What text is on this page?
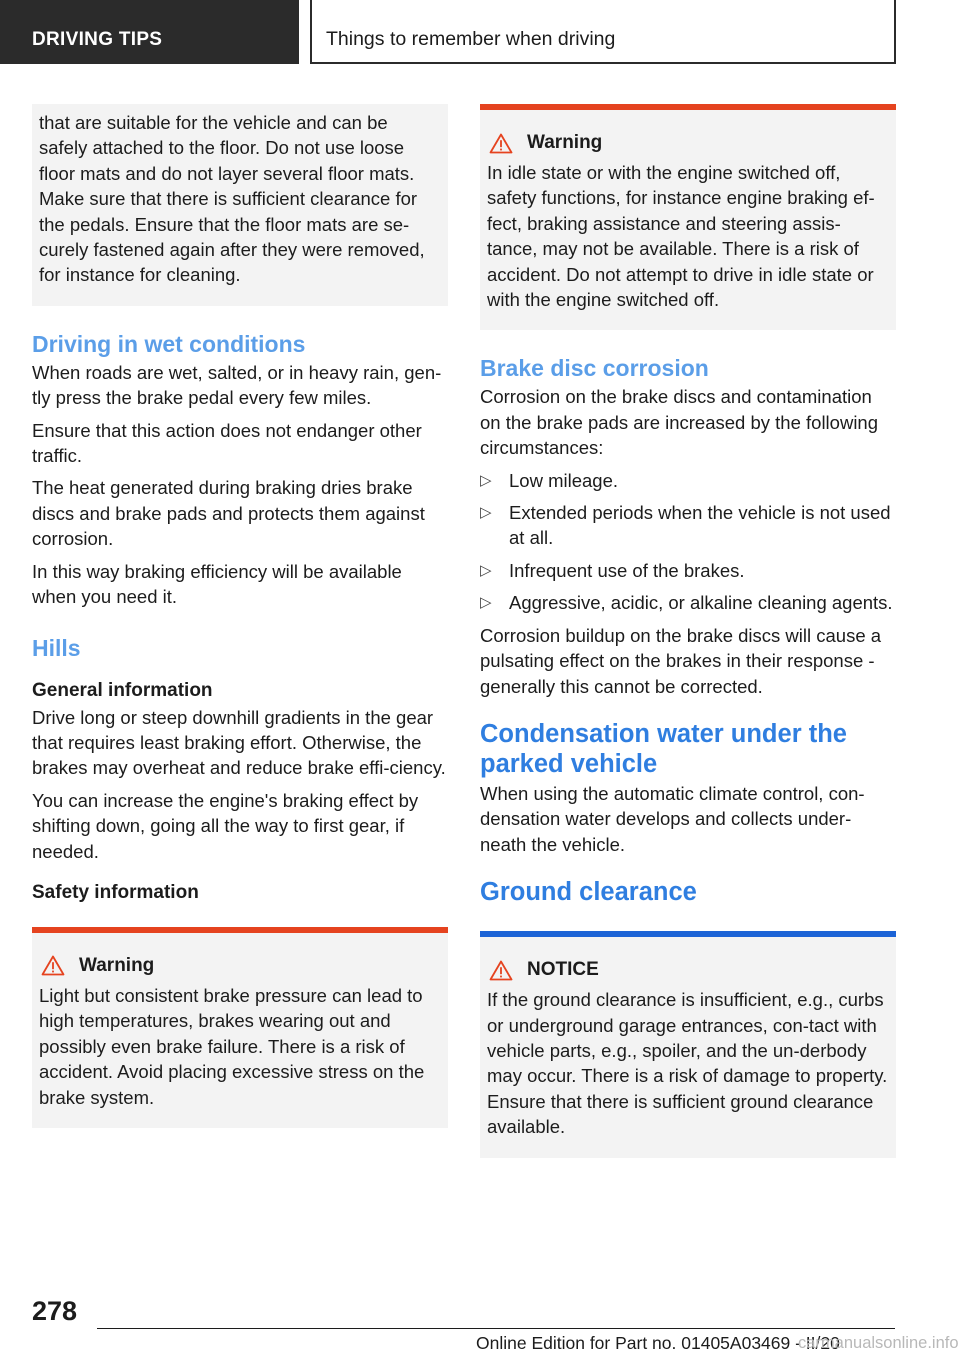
DRIVING TIPS	Things to remember when driving

that are suitable for the vehicle and can be safely attached to the floor. Do not use loose floor mats and do not layer several floor mats. Make sure that there is sufficient clearance for the pedals. Ensure that the floor mats are se‐curely fastened again after they were removed, for instance for cleaning.

Driving in wet conditions

When roads are wet, salted, or in heavy rain, gen‐tly press the brake pedal every few miles.

Ensure that this action does not endanger other traffic.

The heat generated during braking dries brake discs and brake pads and protects them against corrosion.

In this way braking efficiency will be available when you need it.

Hills
General information

Drive long or steep downhill gradients in the gear that requires least braking effort. Otherwise, the brakes may overheat and reduce brake effi‐ciency.

You can increase the engine's braking effect by shifting down, going all the way to first gear, if needed.

Safety information
Warning

Light but consistent brake pressure can lead to high temperatures, brakes wearing out and possibly even brake failure. There is a risk of accident. Avoid placing excessive stress on the brake system.

Warning

In idle state or with the engine switched off, safety functions, for instance engine braking ef‐fect, braking assistance and steering assis‐tance, may not be available. There is a risk of accident. Do not attempt to drive in idle state or with the engine switched off.

Brake disc corrosion

Corrosion on the brake discs and contamination on the brake pads are increased by the following circumstances:

▷ Low mileage.
▷ Extended periods when the vehicle is not used at all.
▷ Infrequent use of the brakes.
▷ Aggressive, acidic, or alkaline cleaning agents.

Corrosion buildup on the brake discs will cause a pulsating effect on the brakes in their response - generally this cannot be corrected.

Condensation water under the parked vehicle

When using the automatic climate control, con‐densation water develops and collects under‐neath the vehicle.

Ground clearance
NOTICE

If the ground clearance is insufficient, e.g., curbs or underground garage entrances, con‐tact with vehicle parts, e.g., spoiler, and the un‐derbody may occur. There is a risk of damage to property. Ensure that there is sufficient ground clearance available.

278
Online Edition for Part no. 01405A03469 - II/20
carmanualsonline.info
